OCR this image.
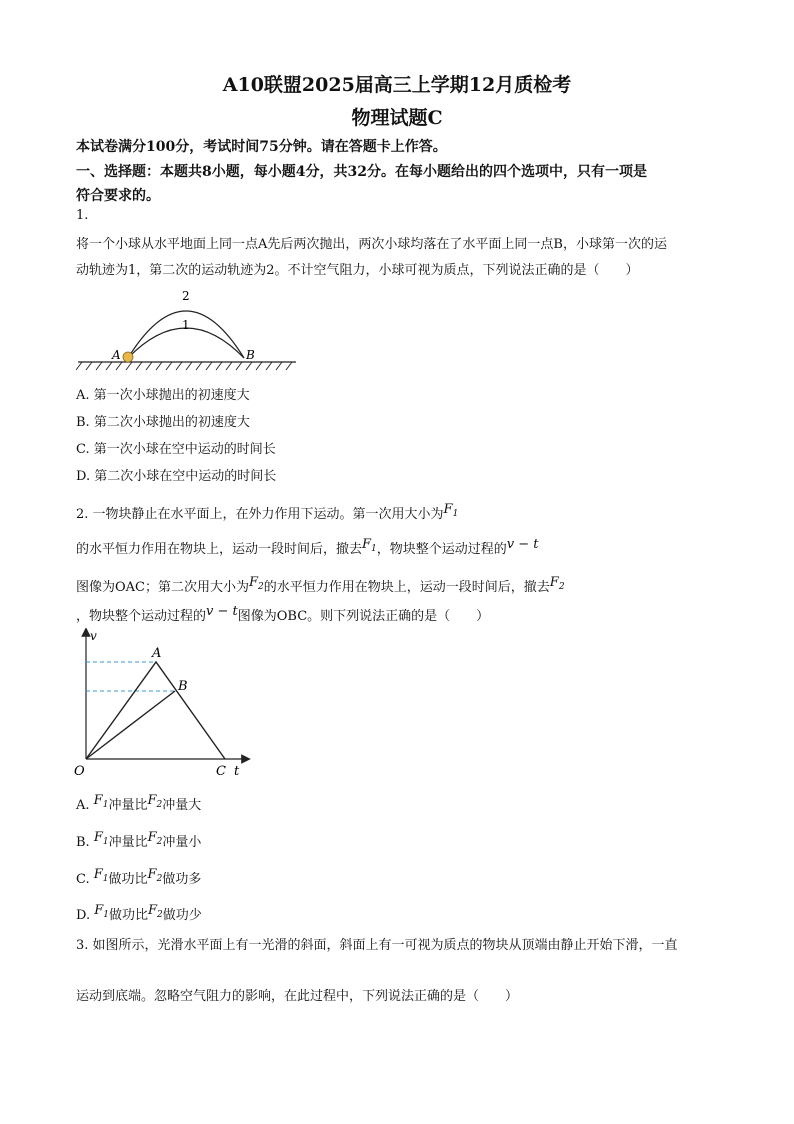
A10联盟2025届高三上学期12月质检考
物理试题C
本试卷满分100分，考试时间75分钟。请在答题卡上作答。
一、选择题：本题共8小题，每小题4分，共32分。在每小题给出的四个选项中，只有一项是
符合要求的。
1.
将一个小球从水平地面上同一点A先后两次抛出，两次小球均落在了水平面上同一点B，小球第一次的运
动轨迹为1，第二次的运动轨迹为2。不计空气阻力，小球可视为质点，下列说法正确的是（　　）
A	B
2
1
A. 第一次小球抛出的初速度大
B. 第二次小球抛出的初速度大
C. 第一次小球在空中运动的时间长
D. 第二次小球在空中运动的时间长
2. 一物块静止在水平面上，在外力作用下运动。第一次用大小为$F_1$
的水平恒力作用在物块上，运动一段时间后，撤去$F_1$，物块整个运动过程的v − t
图像为OAC；第二次用大小为$F_2$的水平恒力作用在物块上，运动一段时间后，撤去$F_2$
，物块整个运动过程的v − t图像为OBC。则下列说法正确的是（　　）
v
t
O
A
B
C
A. $F_1$冲量比$F_2$冲量大
B. $F_1$冲量比$F_2$冲量小
C. $F_1$做功比$F_2$做功多
D. $F_1$做功比$F_2$做功少
3. 如图所示，光滑水平面上有一光滑的斜面，斜面上有一可视为质点的物块从顶端由静止开始下滑，一直
运动到底端。忽略空气阻力的影响，在此过程中，下列说法正确的是（　　）
